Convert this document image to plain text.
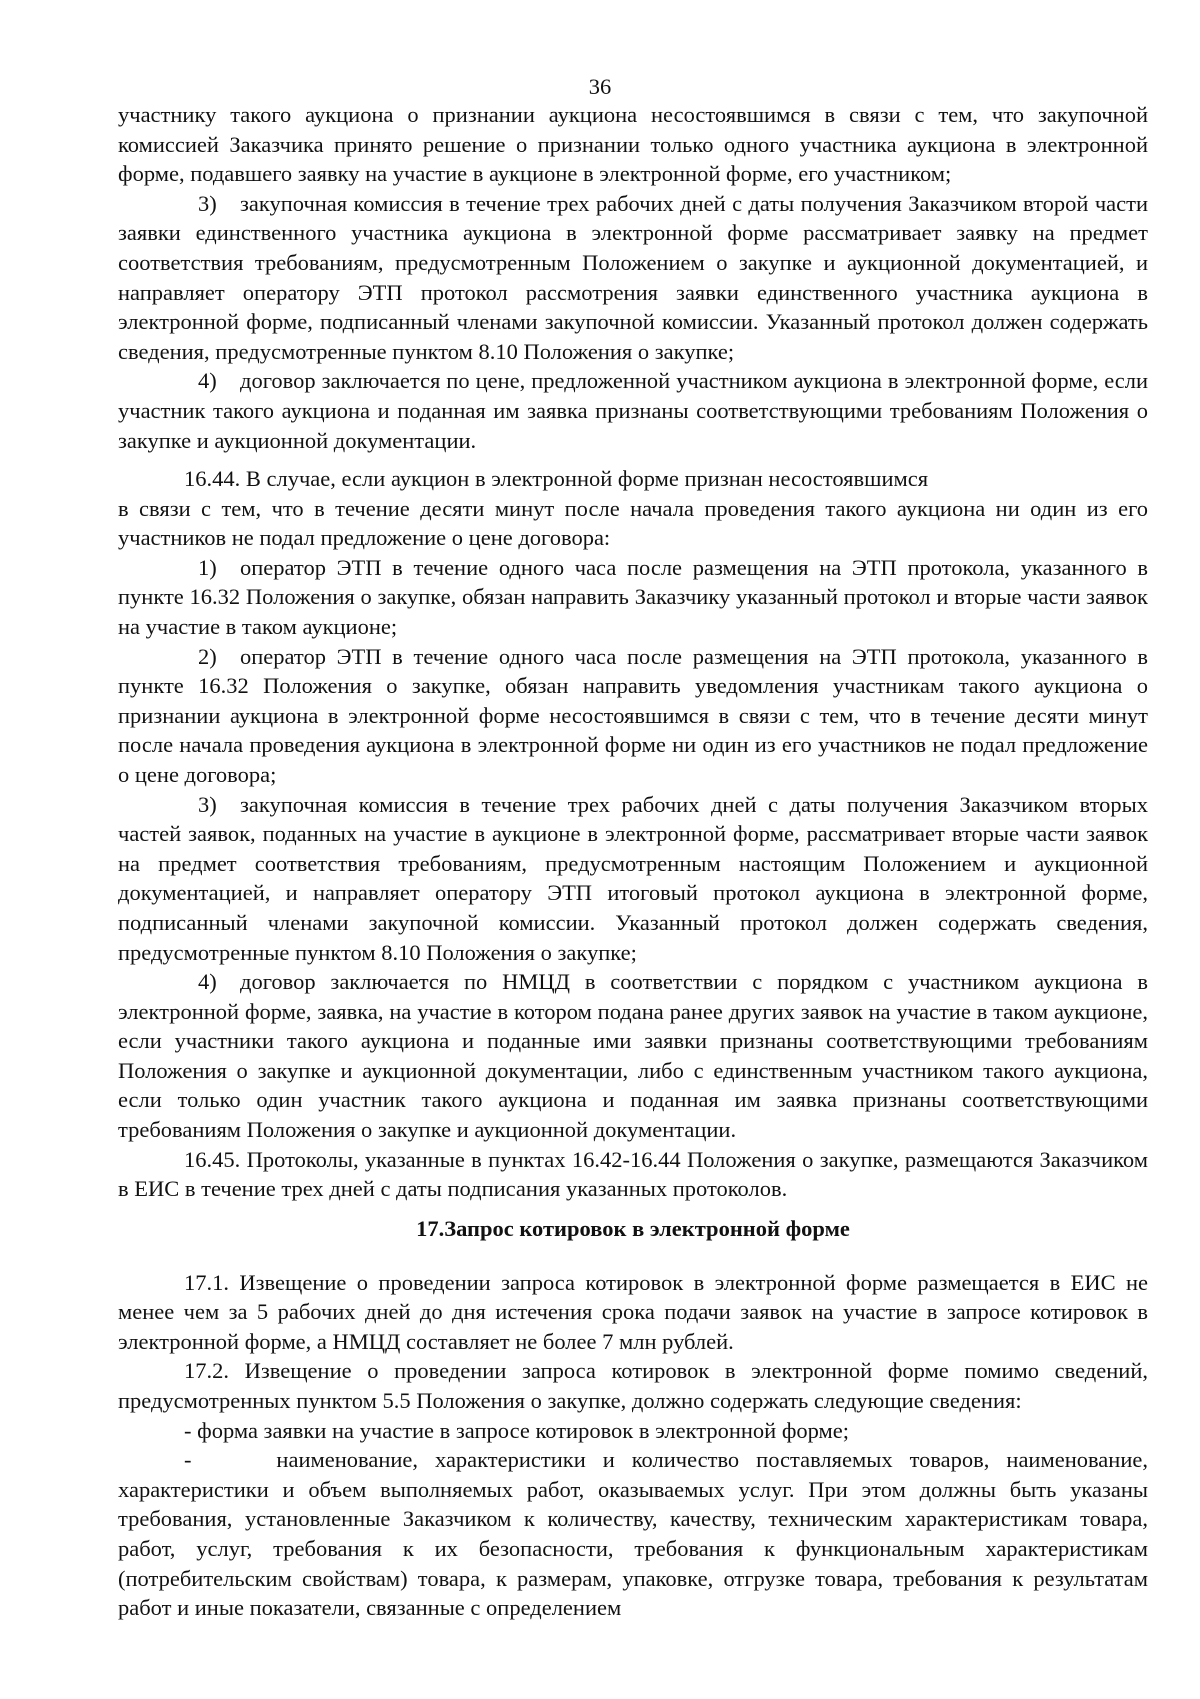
36

участнику такого аукциона о признании аукциона несостоявшимся в связи с тем, что закупочной комиссией Заказчика принято решение о признании только одного участника аукциона в электронной форме, подавшего заявку на участие в аукционе в электронной форме, его участником;

3) закупочная комиссия в течение трех рабочих дней с даты получения Заказчиком второй части заявки единственного участника аукциона в электронной форме рассматривает заявку на предмет соответствия требованиям, предусмотренным Положением о закупке и аукционной документацией, и направляет оператору ЭТП протокол рассмотрения заявки единственного участника аукциона в электронной форме, подписанный членами закупочной комиссии. Указанный протокол должен содержать сведения, предусмотренные пунктом 8.10 Положения о закупке;

4) договор заключается по цене, предложенной участником аукциона в электронной форме, если участник такого аукциона и поданная им заявка признаны соответствующими требованиям Положения о закупке и аукционной документации.

16.44. В случае, если аукцион в электронной форме признан несостоявшимся

в связи с тем, что в течение десяти минут после начала проведения такого аукциона ни один из его участников не подал предложение о цене договора:

1) оператор ЭТП в течение одного часа после размещения на ЭТП протокола, указанного в пункте 16.32 Положения о закупке, обязан направить Заказчику указанный протокол и вторые части заявок на участие в таком аукционе;

2) оператор ЭТП в течение одного часа после размещения на ЭТП протокола, указанного в пункте 16.32 Положения о закупке, обязан направить уведомления участникам такого аукциона о признании аукциона в электронной форме несостоявшимся в связи с тем, что в течение десяти минут после начала проведения аукциона в электронной форме ни один из его участников не подал предложение о цене договора;

3) закупочная комиссия в течение трех рабочих дней с даты получения Заказчиком вторых частей заявок, поданных на участие в аукционе в электронной форме, рассматривает вторые части заявок на предмет соответствия требованиям, предусмотренным настоящим Положением и аукционной документацией, и направляет оператору ЭТП итоговый протокол аукциона в электронной форме, подписанный членами закупочной комиссии. Указанный протокол должен содержать сведения, предусмотренные пунктом 8.10 Положения о закупке;

4) договор заключается по НМЦД в соответствии с порядком с участником аукциона в электронной форме, заявка, на участие в котором подана ранее других заявок на участие в таком аукционе, если участники такого аукциона и поданные ими заявки признаны соответствующими требованиям Положения о закупке и аукционной документации, либо с единственным участником такого аукциона, если только один участник такого аукциона и поданная им заявка признаны соответствующими требованиям Положения о закупке и аукционной документации.

16.45. Протоколы, указанные в пунктах 16.42-16.44 Положения о закупке, размещаются Заказчиком в ЕИС в течение трех дней с даты подписания указанных протоколов.

17.Запрос котировок в электронной форме

17.1. Извещение о проведении запроса котировок в электронной форме размещается в ЕИС не менее чем за 5 рабочих дней до дня истечения срока подачи заявок на участие в запросе котировок в электронной форме, а НМЦД составляет не более 7 млн рублей.

17.2. Извещение о проведении запроса котировок в электронной форме помимо сведений, предусмотренных пунктом 5.5 Положения о закупке, должно содержать следующие сведения:

- форма заявки на участие в запросе котировок в электронной форме;

-     наименование, характеристики и количество поставляемых товаров, наименование, характеристики и объем выполняемых работ, оказываемых услуг. При этом должны быть указаны требования, установленные Заказчиком к количеству, качеству, техническим характеристикам товара, работ, услуг, требования к их безопасности, требования к функциональным характеристикам (потребительским свойствам) товара, к размерам, упаковке, отгрузке товара, требования к результатам работ и иные показатели, связанные с определением
